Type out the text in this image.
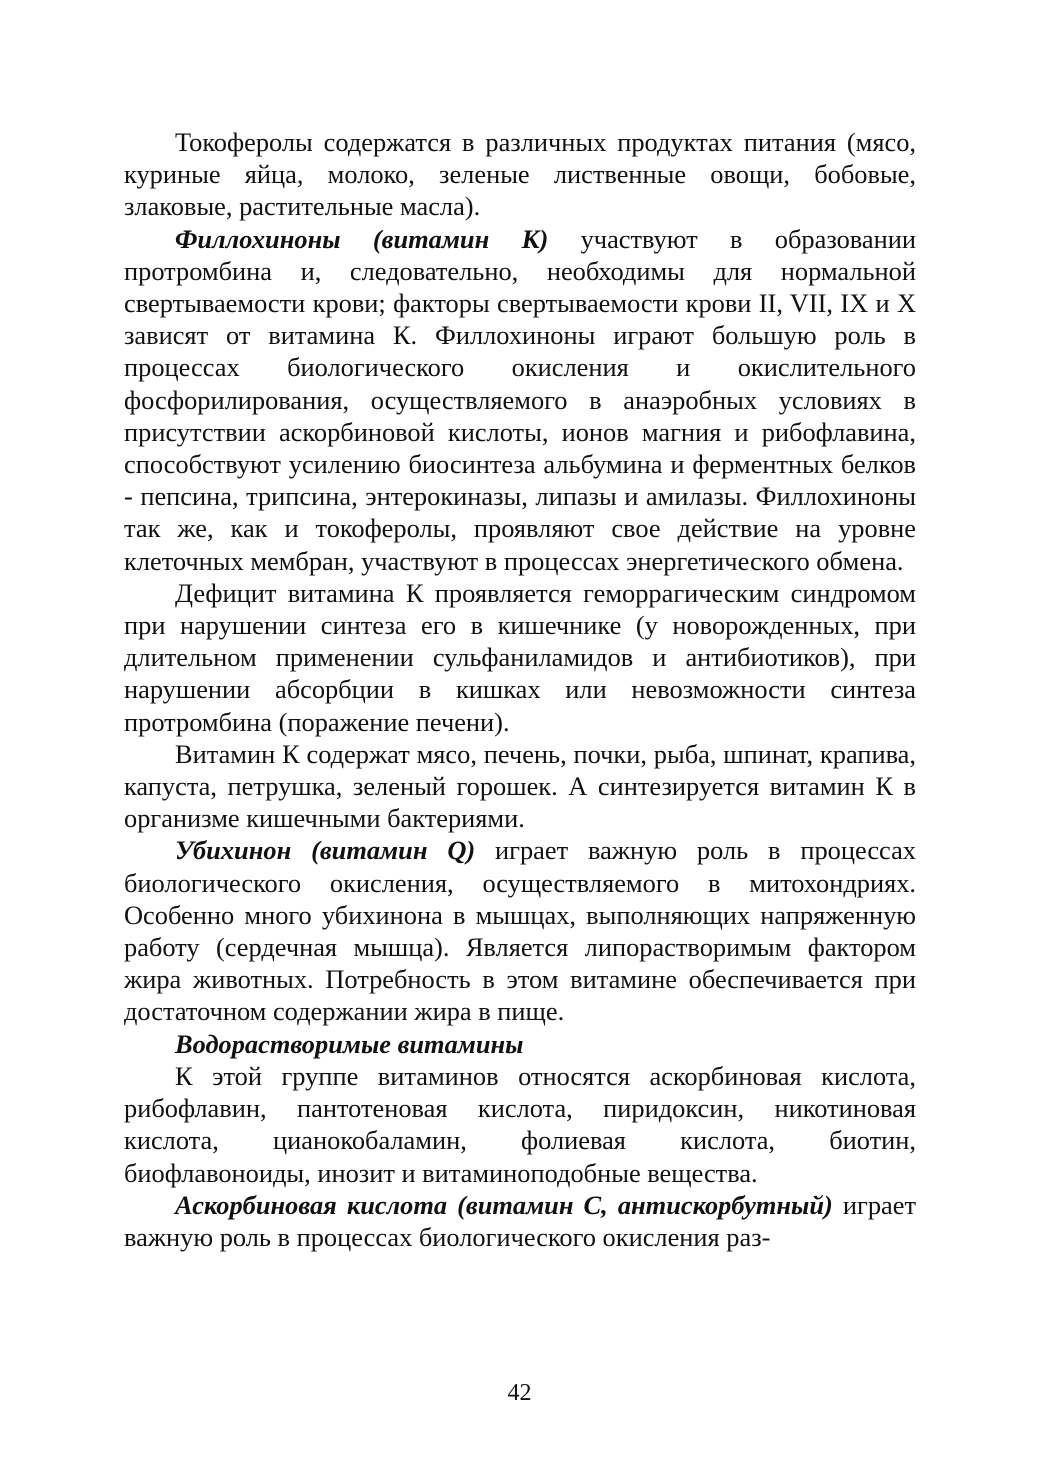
Токоферолы содержатся в различных продуктах питания (мясо, куриные яйца, молоко, зеленые лиственные овощи, бобовые, злаковые, растительные масла).

Филлохиноны (витамин К) участвуют в образовании протромбина и, следовательно, необходимы для нормальной свертываемости крови; факторы свертываемости крови II, VII, IX и X зависят от витамина К. Филлохиноны играют большую роль в процессах биологического окисления и окислительного фосфорилирования, осуществляемого в анаэробных условиях в присутствии аскорбиновой кислоты, ионов магния и рибофлавина, способствуют усилению биосинтеза альбумина и ферментных белков - пепсина, трипсина, энтерокиназы, липазы и амилазы. Филлохиноны так же, как и токоферолы, проявляют свое действие на уровне клеточных мембран, участвуют в процессах энергетического обмена.

Дефицит витамина К проявляется геморрагическим синдромом при нарушении синтеза его в кишечнике (у новорожденных, при длительном применении сульфаниламидов и антибиотиков), при нарушении абсорбции в кишках или невозможности синтеза протромбина (поражение печени).

Витамин К содержат мясо, печень, почки, рыба, шпинат, крапива, капуста, петрушка, зеленый горошек. А синтезируется витамин К в организме кишечными бактериями.

Убихинон (витамин Q) играет важную роль в процессах биологического окисления, осуществляемого в митохондриях. Особенно много убихинона в мышцах, выполняющих напряженную работу (сердечная мышца). Является липорастворимым фактором жира животных. Потребность в этом витамине обеспечивается при достаточном содержании жира в пище.

Водорастворимые витамины

К этой группе витаминов относятся аскорбиновая кислота, рибофлавин, пантотеновая кислота, пиридоксин, никотиновая кислота, цианокобаламин, фолиевая кислота, биотин, биофлавоноиды, инозит и витаминоподобные вещества.

Аскорбиновая кислота (витамин С, антискорбутный) играет важную роль в процессах биологического окисления раз-

42
